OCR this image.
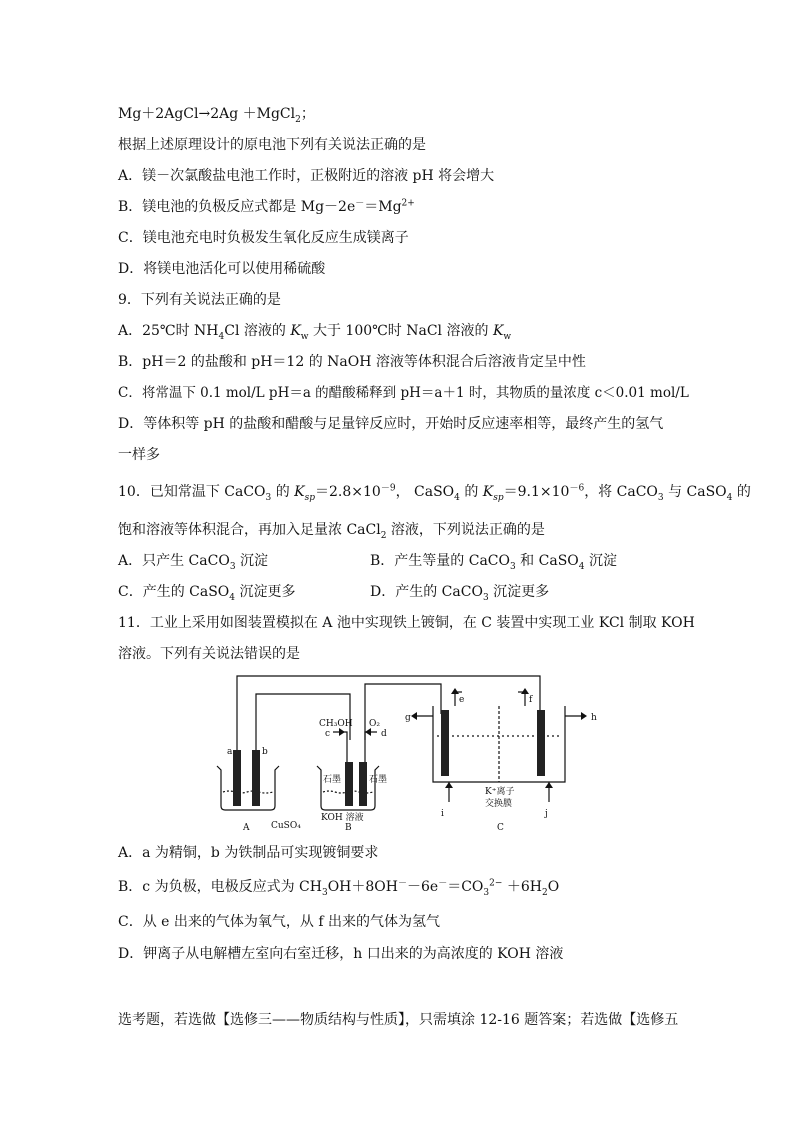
Mg＋2AgCl→2Ag ＋MgCl$_2$；
根据上述原理设计的原电池下列有关说法正确的是
A．镁－次氯酸盐电池工作时，正极附近的溶液 pH 将会增大
B．镁电池的负极反应式都是 $Mg-2e^-=Mg^{2+}$
C．镁电池充电时负极发生氧化反应生成镁离子
D．将镁电池活化可以使用稀硫酸
9．下列有关说法正确的是
A．25℃时 $NH_4Cl$ 溶液的 $K_w$ 大于 100℃时 NaCl 溶液的 $K_w$
B．pH＝2 的盐酸和 pH＝12 的 NaOH 溶液等体积混合后溶液肯定呈中性
C．将常温下 0.1 mol/L pH＝a 的醋酸稀释到 pH＝a＋1 时，其物质的量浓度 c＜0.01 mol/L
D．等体积等 pH 的盐酸和醋酸与足量锌反应时，开始时反应速率相等，最终产生的氢气
一样多
10．已知常温下 CaCO$_3$ 的 $K_{sp}=2.8\times 10^{-9}$， CaSO$_4$ 的 $K_{sp}=9.1\times 10^{-6}$，将 CaCO$_3$ 与 CaSO$_4$ 的
饱和溶液等体积混合，再加入足量浓 CaCl$_2$ 溶液，下列说法正确的是
A．只产生 CaCO$_3$ 沉淀	B．产生等量的 CaCO$_3$ 和 CaSO$_4$ 沉淀
C．产生的 CaSO$_4$ 沉淀更多	D．产生的 CaCO$_3$ 沉淀更多
11．工业上采用如图装置模拟在 A 池中实现铁上镀铜，在 C 装置中实现工业 KCl 制取 KOH
溶液。下列有关说法错误的是
a	b
CH₃OH O₂
c	d
石墨	石墨
CuSO₄
KOH 溶液
e	f
g	h
i	j
K⁺离子
交换膜
A	B	C
A．a 为精铜，b 为铁制品可实现镀铜要求
B．c 为负极，电极反应式为 $CH_3OH+8OH^--6e^-=CO_3^{2-} +6H_2O$
C．从 e 出来的气体为氧气，从 f 出来的气体为氢气
D．钾离子从电解槽左室向右室迁移，h 口出来的为高浓度的 KOH 溶液
选考题，若选做【选修三——物质结构与性质】，只需填涂 12-16 题答案；若选做【选修五
